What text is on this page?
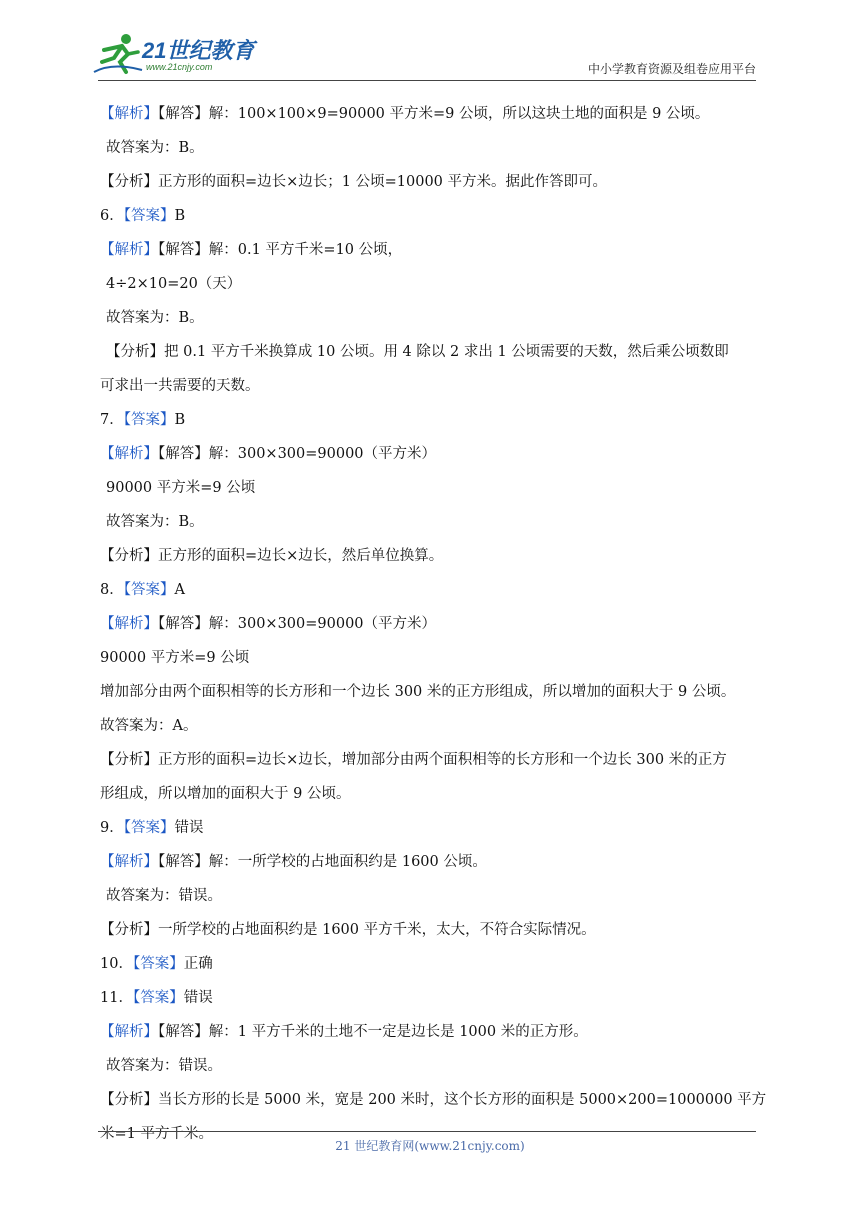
21世纪教育
www.21cnjy.com	中小学教育资源及组卷应用平台
【解析】【解答】解：100×100×9=90000 平方米=9 公顷，所以这块土地的面积是 9 公顷。
故答案为：B。
【分析】正方形的面积=边长×边长；1 公顷=10000 平方米。据此作答即可。
6．【答案】B
【解析】【解答】解：0.1 平方千米=10 公顷，
4÷2×10=20（天）
故答案为：B。
【分析】把 0.1 平方千米换算成 10 公顷。用 4 除以 2 求出 1 公顷需要的天数，然后乘公顷数即
可求出一共需要的天数。
7．【答案】B
【解析】【解答】解：300×300=90000（平方米）
90000 平方米=9 公顷
故答案为：B。
【分析】正方形的面积=边长×边长，然后单位换算。
8．【答案】A
【解析】【解答】解：300×300=90000（平方米）
90000 平方米=9 公顷
增加部分由两个面积相等的长方形和一个边长 300 米的正方形组成，所以增加的面积大于 9 公顷。
故答案为：A。
【分析】正方形的面积=边长×边长，增加部分由两个面积相等的长方形和一个边长 300 米的正方
形组成，所以增加的面积大于 9 公顷。
9．【答案】错误
【解析】【解答】解：一所学校的占地面积约是 1600 公顷。
故答案为：错误。
【分析】一所学校的占地面积约是 1600 平方千米，太大，不符合实际情况。
10．【答案】正确
11．【答案】错误
【解析】【解答】解：1 平方千米的土地不一定是边长是 1000 米的正方形。
故答案为：错误。
【分析】当长方形的长是 5000 米，宽是 200 米时，这个长方形的面积是 5000×200=1000000 平方
米=1 平方千米。
21 世纪教育网(www.21cnjy.com)
